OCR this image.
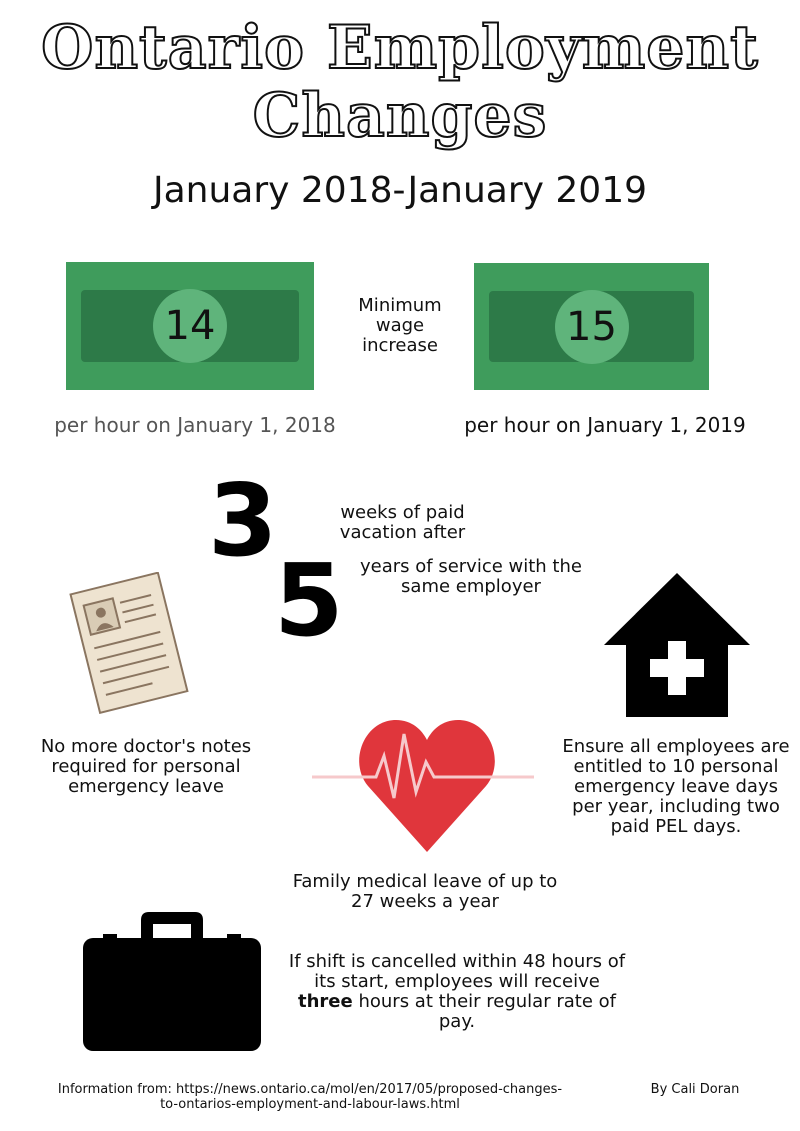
Ontario Employment
Changes
January 2018-January 2019
14	15
Minimum wage increase
per hour on January 1, 2018	per hour on January 1, 2019
3	weeks of paid vacation after
5 years of service with the same employer
No more doctor's notes required for personal emergency leave
Ensure all employees are entitled to 10 personal emergency leave days per year, including two paid PEL days.
Family medical leave of up to 27 weeks a year
If shift is cancelled within 48 hours of its start, employees will receive three hours at their regular rate of pay.
Information from: https://news.ontario.ca/mol/en/2017/05/proposed-changes-to-ontarios-employment-and-labour-laws.html
By Cali Doran
